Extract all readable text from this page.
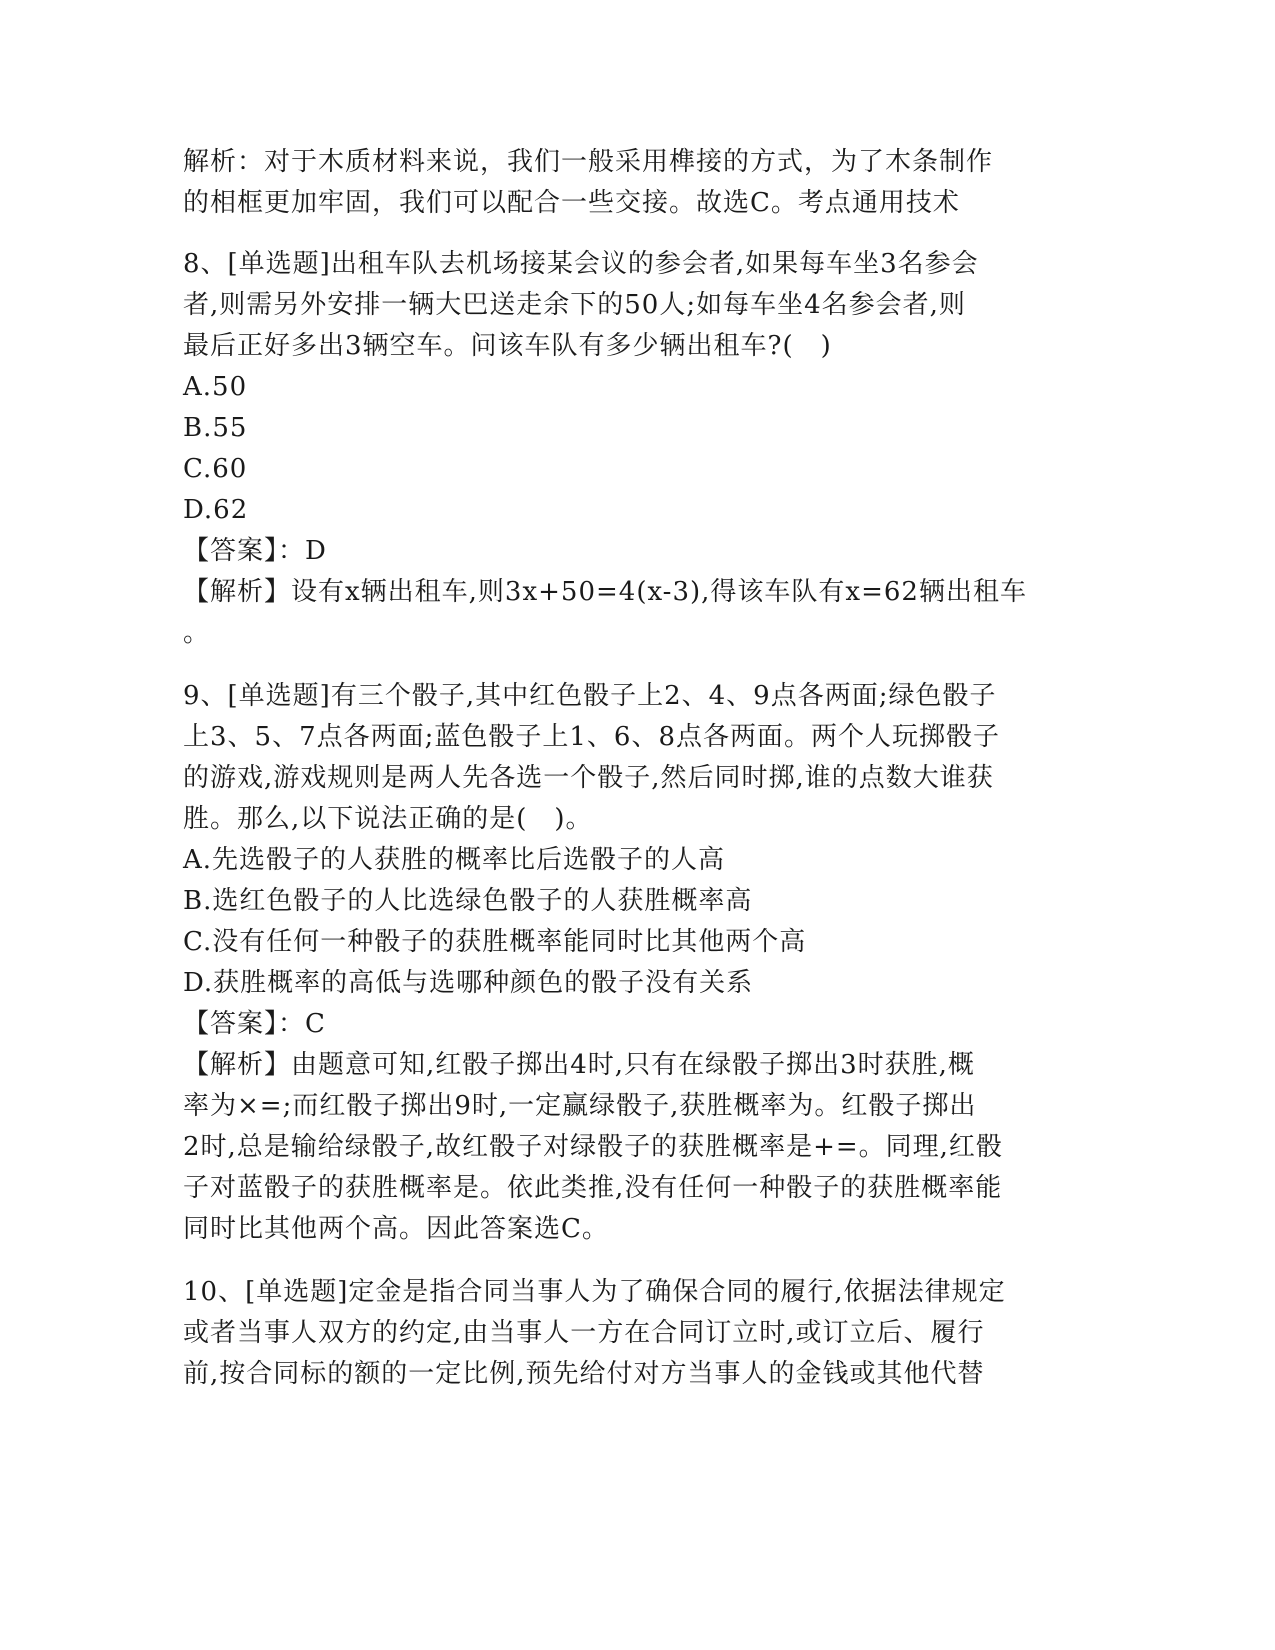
解析：对于木质材料来说，我们一般采用榫接的方式，为了木条制作
的相框更加牢固，我们可以配合一些交接。故选C。考点通用技术
8、[单选题]出租车队去机场接某会议的参会者,如果每车坐3名参会
者,则需另外安排一辆大巴送走余下的50人;如每车坐4名参会者,则
最后正好多出3辆空车。问该车队有多少辆出租车?(　)
A.50
B.55
C.60
D.62
【答案】：D
【解析】设有x辆出租车,则3x+50=4(x-3),得该车队有x=62辆出租车
。
9、[单选题]有三个骰子,其中红色骰子上2、4、9点各两面;绿色骰子
上3、5、7点各两面;蓝色骰子上1、6、8点各两面。两个人玩掷骰子
的游戏,游戏规则是两人先各选一个骰子,然后同时掷,谁的点数大谁获
胜。那么,以下说法正确的是(　)。
A.先选骰子的人获胜的概率比后选骰子的人高
B.选红色骰子的人比选绿色骰子的人获胜概率高
C.没有任何一种骰子的获胜概率能同时比其他两个高
D.获胜概率的高低与选哪种颜色的骰子没有关系
【答案】：C
【解析】由题意可知,红骰子掷出4时,只有在绿骰子掷出3时获胜,概
率为×=;而红骰子掷出9时,一定赢绿骰子,获胜概率为。红骰子掷出
2时,总是输给绿骰子,故红骰子对绿骰子的获胜概率是+=。同理,红骰
子对蓝骰子的获胜概率是。依此类推,没有任何一种骰子的获胜概率能
同时比其他两个高。因此答案选C。
10、[单选题]定金是指合同当事人为了确保合同的履行,依据法律规定
或者当事人双方的约定,由当事人一方在合同订立时,或订立后、履行
前,按合同标的额的一定比例,预先给付对方当事人的金钱或其他代替
